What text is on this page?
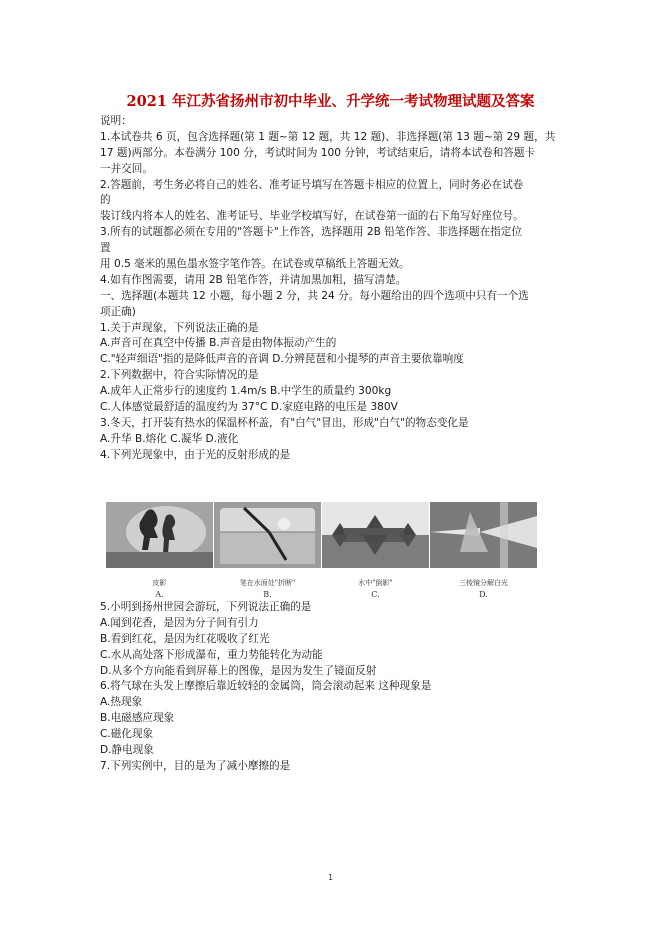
2021 年江苏省扬州市初中毕业、升学统一考试物理试题及答案
说明：
1.本试卷共 6 页，包含选择题(第 1 题~第 12 题，共 12 题)、非选择题(第 13 题~第 29 题，共
17 题)两部分。本卷满分 100 分，考试时间为 100 分钟，考试结束后，请将本试卷和答题卡
一并交回。
2.答题前，考生务必将自己的姓名、准考证号填写在答题卡相应的位置上，同时务必在试卷
的
装订线内将本人的姓名、准考证号、毕业学校填写好，在试卷第一面的右下角写好座位号。
3.所有的试题都必须在专用的"答题卡"上作答，选择题用 2B 铅笔作答、非选择题在指定位
置
用 0.5 毫米的黑色墨水签字笔作答。在试卷或草稿纸上答题无效。
4.如有作图需要，请用 2B 铅笔作答，并请加黑加粗，描写清楚。
一、选择题(本题共 12 小题，每小题 2 分，共 24 分。每小题给出的四个选项中只有一个选
项正确)
1.关于声现象，下列说法正确的是
A.声音可在真空中传播 B.声音是由物体振动产生的
C."轻声细语"指的是降低声音的音调 D.分辨琵琶和小提琴的声音主要依靠响度
2.下列数据中，符合实际情况的是
A.成年人正常步行的速度约 1.4m/s B.中学生的质量约 300kg
C.人体感觉最舒适的温度约为 37°C D.家庭电路的电压是 380V
3.冬天，打开装有热水的保温杯杯盖，有"白气"冒出，形成"白气"的物态变化是
A.升华 B.熔化 C.凝华 D.液化
4.下列光现象中，由于光的反射形成的是
皮影
A.
笔在水面处"折断"
B.
水中"倒影"
C.
三棱镜分解白光
D.
5.小明到扬州世园会游玩，下列说法正确的是
A.闻到花香，是因为分子间有引力
B.看到红花，是因为红花吸收了红光
C.水从高处落下形成瀑布，重力势能转化为动能
D.从多个方向能看到屏幕上的图像，是因为发生了镜面反射
6.将气球在头发上摩擦后靠近较轻的金属筒，筒会滚动起来 这种现象是
A.热现象
B.电磁感应现象
C.磁化现象
D.静电现象
7.下列实例中，目的是为了减小摩擦的是
1
